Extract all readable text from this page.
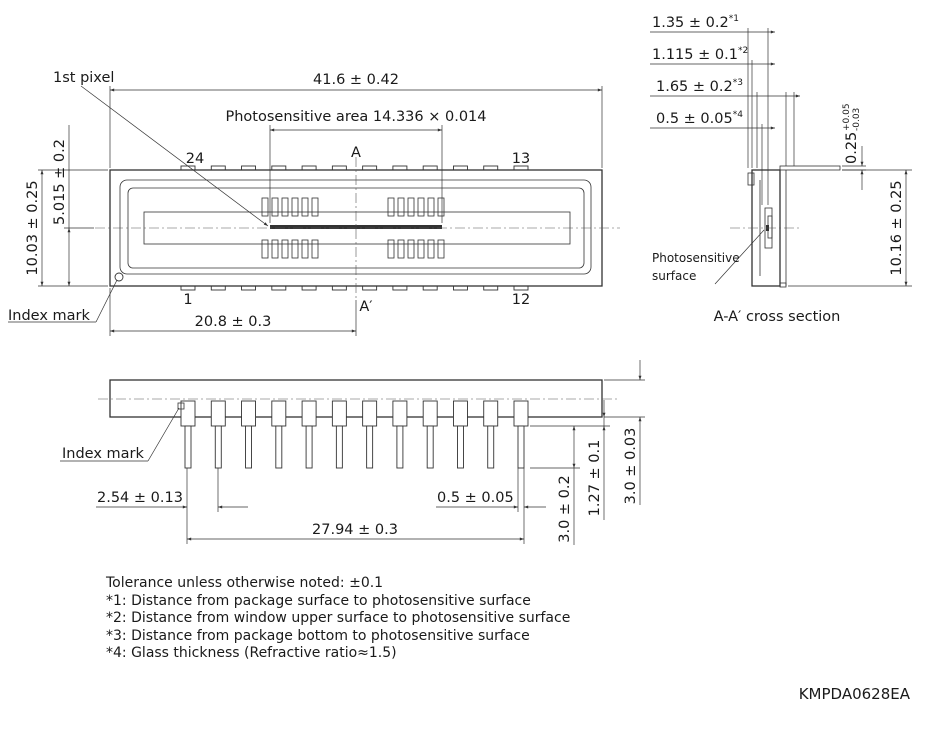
41.6 ± 0.42
Photosensitive area 14.336 × 0.014
1st pixel
24	13
1	12
A
A′
10.03 ± 0.25 5.015 ± 0.2
Index mark	20.8 ± 0.3
$1.35 \pm 0.2^{*1}$
$1.115 \pm 0.1^{*2}$
$1.65 \pm 0.2^{*3}$
$0.5 \pm 0.05^{*4}$
0.25
+0.05 -0.03
10.16 ± 0.25
Photosensitive
surface
A-A′ cross section
Index mark
2.54 ± 0.13	0.5 ± 0.05
27.94 ± 0.3	3.0 ± 0.2 1.27 ± 0.1 3.0 ± 0.03
Tolerance unless otherwise noted: ±0.1
*1: Distance from package surface to photosensitive surface
*2: Distance from window upper surface to photosensitive surface
*3: Distance from package bottom to photosensitive surface
*4: Glass thickness (Refractive ratio≈1.5)
KMPDA0628EA
